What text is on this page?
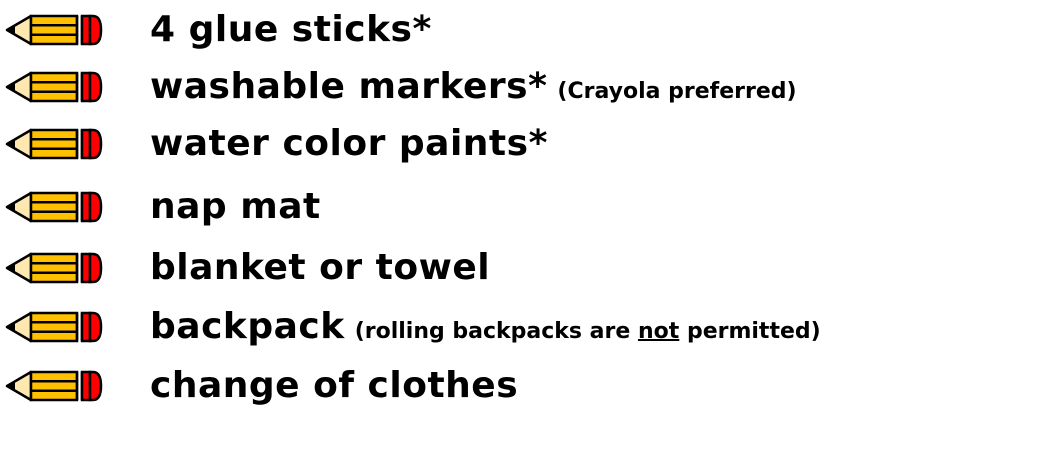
4 glue sticks*
washable markers* (Crayola preferred)
water color paints*
nap mat
blanket or towel
backpack (rolling backpacks are not permitted)
change of clothes
